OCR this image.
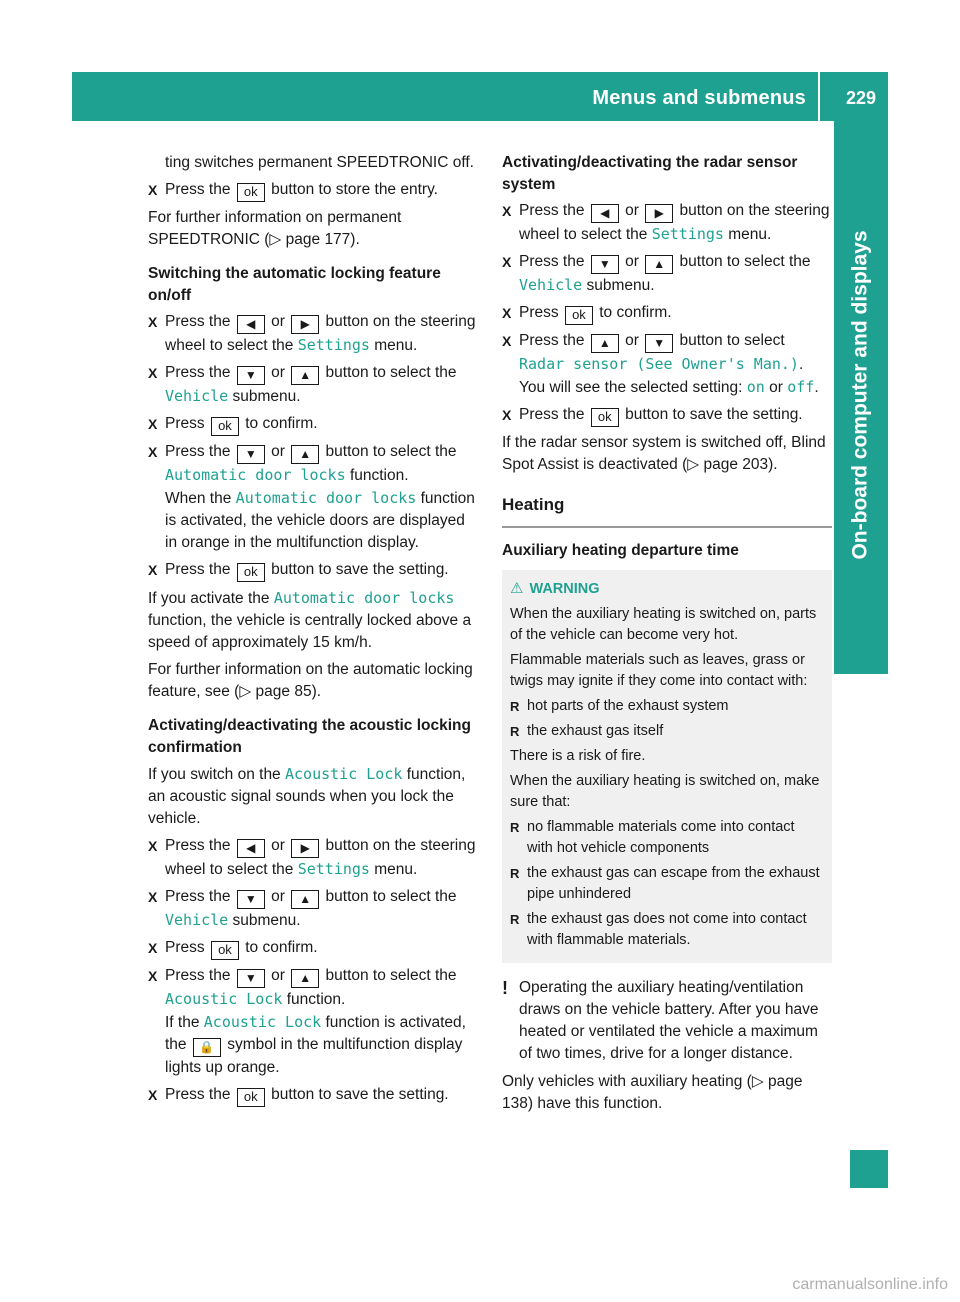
Menus and submenus	229
On-board computer and displays

ting switches permanent SPEEDTRONIC off.

X Press the ok button to store the entry.

For further information on permanent SPEEDTRONIC (▷ page 177).

Switching the automatic locking feature on/off

X Press the ◀ or ▶ button on the steering wheel to select the Settings menu.

X Press the ▼ or ▲ button to select the Vehicle submenu.

X Press ok to confirm.

X Press the ▼ or ▲ button to select the Automatic door locks function.
When the Automatic door locks function is activated, the vehicle doors are displayed in orange in the multifunction display.

X Press the ok button to save the setting.

If you activate the Automatic door locks function, the vehicle is centrally locked above a speed of approximately 15 km/h.

For further information on the automatic locking feature, see (▷ page 85).

Activating/deactivating the acoustic locking confirmation

If you switch on the Acoustic Lock function, an acoustic signal sounds when you lock the vehicle.

X Press the ◀ or ▶ button on the steering wheel to select the Settings menu.

X Press the ▼ or ▲ button to select the Vehicle submenu.

X Press ok to confirm.

X Press the ▼ or ▲ button to select the Acoustic Lock function.
If the Acoustic Lock function is activated, the 🔒 symbol in the multifunction display lights up orange.

X Press the ok button to save the setting.

Activating/deactivating the radar sensor system

X Press the ◀ or ▶ button on the steering wheel to select the Settings menu.

X Press the ▼ or ▲ button to select the Vehicle submenu.

X Press ok to confirm.

X Press the ▲ or ▼ button to select Radar sensor (See Owner's Man.).
You will see the selected setting: on or off.

X Press the ok button to save the setting.

If the radar sensor system is switched off, Blind Spot Assist is deactivated (▷ page 203).

Heating

Auxiliary heating departure time

⚠ WARNING

When the auxiliary heating is switched on, parts of the vehicle can become very hot.

Flammable materials such as leaves, grass or twigs may ignite if they come into contact with:

R hot parts of the exhaust system

R the exhaust gas itself

There is a risk of fire.

When the auxiliary heating is switched on, make sure that:

R no flammable materials come into contact with hot vehicle components

R the exhaust gas can escape from the exhaust pipe unhindered

R the exhaust gas does not come into contact with flammable materials.

! Operating the auxiliary heating/ventilation draws on the vehicle battery. After you have heated or ventilated the vehicle a maximum of two times, drive for a longer distance.

Only vehicles with auxiliary heating (▷ page 138) have this function.

carmanualsonline.info
